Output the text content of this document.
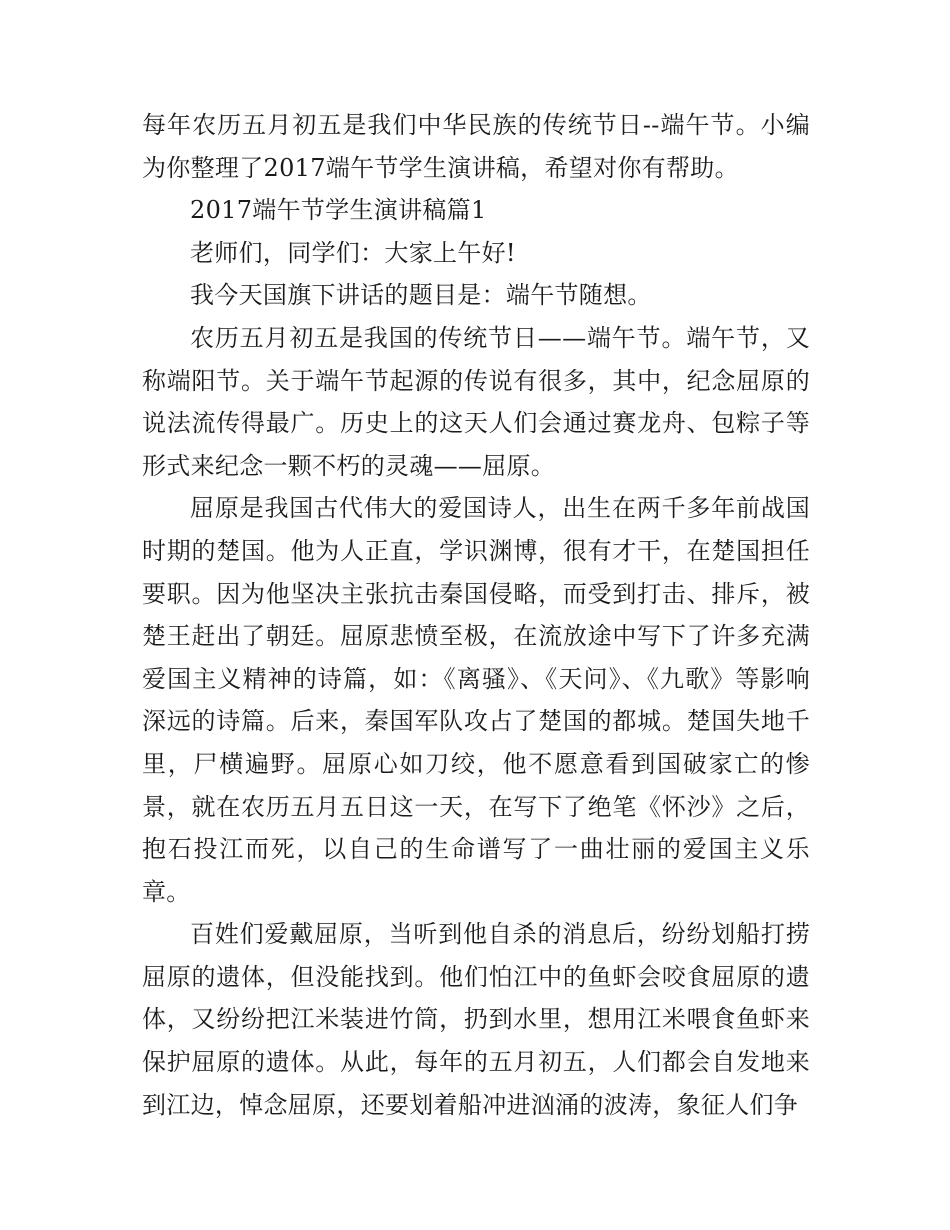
每年农历五月初五是我们中华民族的传统节日--端午节。小编为你整理了2017端午节学生演讲稿，希望对你有帮助。

2017端午节学生演讲稿篇1

老师们，同学们：大家上午好!

我今天国旗下讲话的题目是：端午节随想。

农历五月初五是我国的传统节日——端午节。端午节，又称端阳节。关于端午节起源的传说有很多，其中，纪念屈原的说法流传得最广。历史上的这天人们会通过赛龙舟、包粽子等形式来纪念一颗不朽的灵魂——屈原。

屈原是我国古代伟大的爱国诗人，出生在两千多年前战国时期的楚国。他为人正直，学识渊博，很有才干，在楚国担任要职。因为他坚决主张抗击秦国侵略，而受到打击、排斥，被楚王赶出了朝廷。屈原悲愤至极，在流放途中写下了许多充满爱国主义精神的诗篇，如：《离骚》、《天问》、《九歌》等影响深远的诗篇。后来，秦国军队攻占了楚国的都城。楚国失地千里，尸横遍野。屈原心如刀绞，他不愿意看到国破家亡的惨景，就在农历五月五日这一天，在写下了绝笔《怀沙》之后，抱石投江而死，以自己的生命谱写了一曲壮丽的爱国主义乐章。

百姓们爱戴屈原，当听到他自杀的消息后，纷纷划船打捞屈原的遗体，但没能找到。他们怕江中的鱼虾会咬食屈原的遗体，又纷纷把江米装进竹筒，扔到水里，想用江米喂食鱼虾来保护屈原的遗体。从此，每年的五月初五，人们都会自发地来到江边，悼念屈原，还要划着船冲进汹涌的波涛，象征人们争
